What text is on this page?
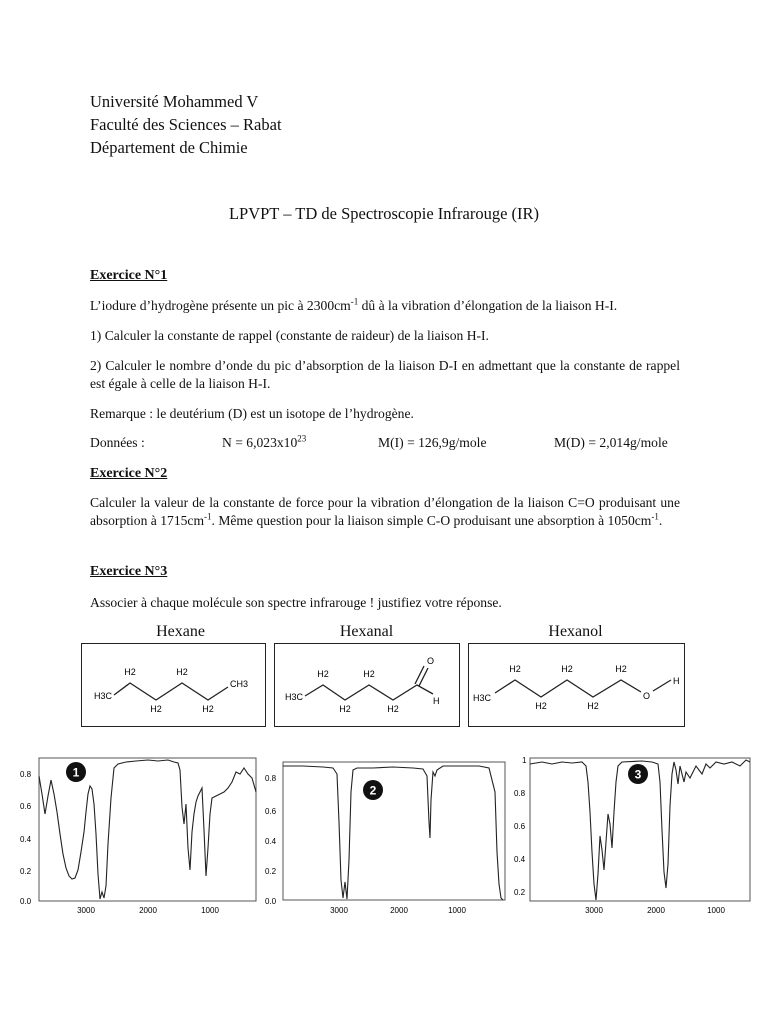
Université Mohammed V
Faculté des Sciences – Rabat
Département de Chimie
LPVPT – TD de Spectroscopie Infrarouge (IR)
Exercice N°1
L’iodure d’hydrogène présente un pic à $2300cm^{-1}$ dû à la vibration d’élongation de la liaison H-I.
1) Calculer la constante de rappel (constante de raideur) de la liaison H-I.
2) Calculer le nombre d’onde du pic d’absorption de la liaison D-I en admettant que la constante de rappel est égale à celle de la liaison H-I.
Remarque : le deutérium (D) est un isotope de l’hydrogène.
Données :	$N = 6,023x10^{23}$	M(I) = 126,9g/mole	M(D) = 2,014g/mole
Exercice N°2
Calculer la valeur de la constante de force pour la vibration d’élongation de la liaison C=O produisant une absorption à $1715cm^{-1}$. Même question pour la liaison simple C-O produisant une absorption à $1050cm^{-1}$.
Exercice N°3
Associer à chaque molécule son spectre infrarouge ! justifiez votre réponse.
Hexane	Hexanal	Hexanol
H3C
H2
H2
H2
H2
CH3
H3C
H2
H2
H2
H2
O
H	H3C
H2
H2
H2
H2
H2
O
H
1
0.8
0.6
0.4
0.2
0.0
3000	2000	1000
2
0.8
0.6
0.4
0.2
0.0
3000	2000	1000
3
1
0.8
0.6
0.4
0.2
3000	2000	1000
